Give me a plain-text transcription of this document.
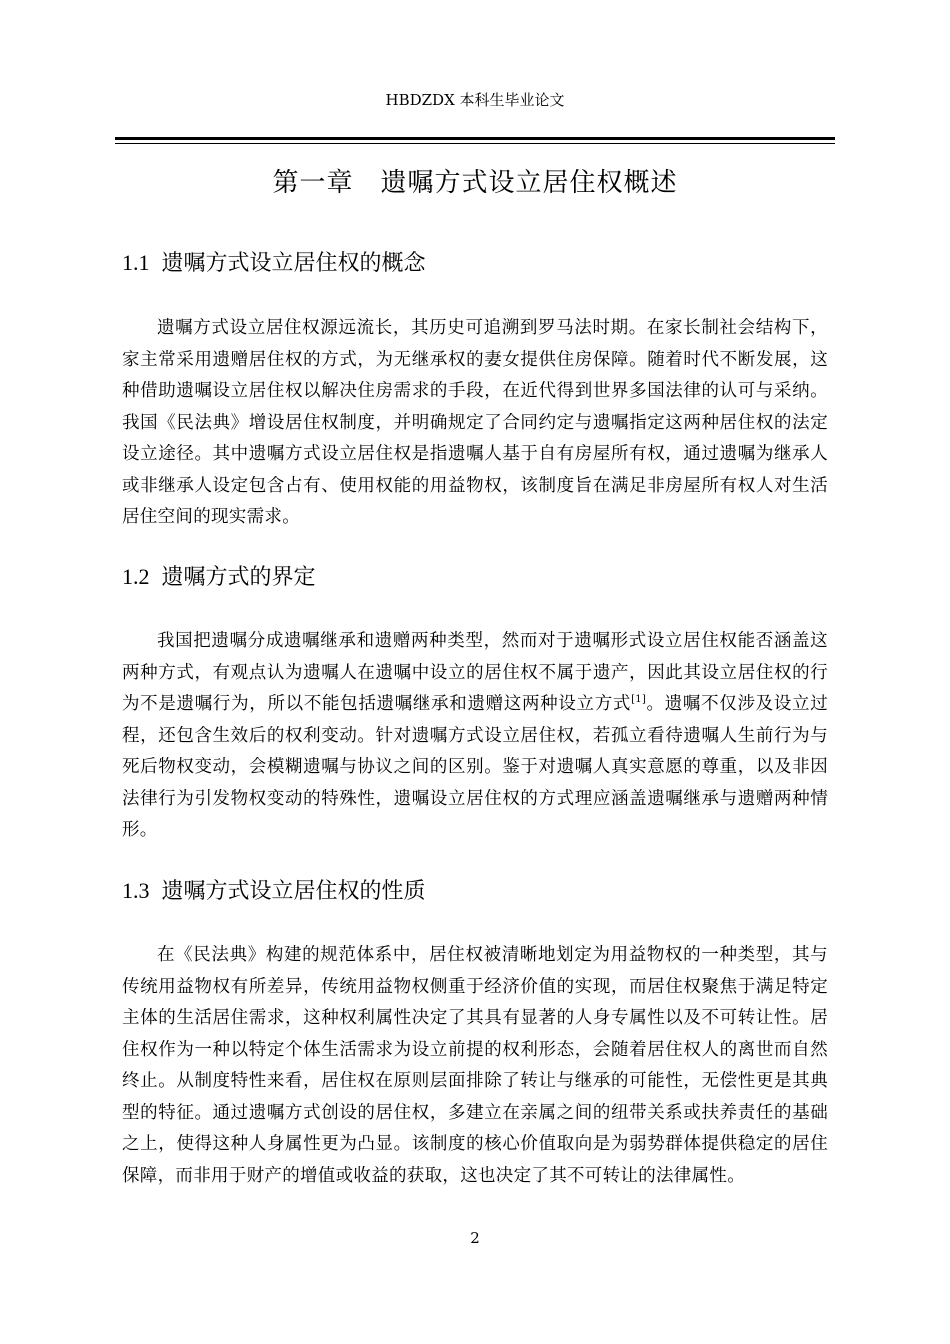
HBDZDX 本科生毕业论文
第一章　遗嘱方式设立居住权概述
1.1 遗嘱方式设立居住权的概念
遗嘱方式设立居住权源远流长，其历史可追溯到罗马法时期。在家长制社会结构下，家主常采用遗赠居住权的方式，为无继承权的妻女提供住房保障。随着时代不断发展，这种借助遗嘱设立居住权以解决住房需求的手段，在近代得到世界多国法律的认可与采纳。我国《民法典》增设居住权制度，并明确规定了合同约定与遗嘱指定这两种居住权的法定设立途径。其中遗嘱方式设立居住权是指遗嘱人基于自有房屋所有权，通过遗嘱为继承人或非继承人设定包含占有、使用权能的用益物权，该制度旨在满足非房屋所有权人对生活居住空间的现实需求。
1.2 遗嘱方式的界定
我国把遗嘱分成遗嘱继承和遗赠两种类型，然而对于遗嘱形式设立居住权能否涵盖这两种方式，有观点认为遗嘱人在遗嘱中设立的居住权不属于遗产，因此其设立居住权的行为不是遗嘱行为，所以不能包括遗嘱继承和遗赠这两种设立方式[1]。遗嘱不仅涉及设立过程，还包含生效后的权利变动。针对遗嘱方式设立居住权，若孤立看待遗嘱人生前行为与死后物权变动，会模糊遗嘱与协议之间的区别。鉴于对遗嘱人真实意愿的尊重，以及非因法律行为引发物权变动的特殊性，遗嘱设立居住权的方式理应涵盖遗嘱继承与遗赠两种情形。
1.3 遗嘱方式设立居住权的性质
在《民法典》构建的规范体系中，居住权被清晰地划定为用益物权的一种类型，其与传统用益物权有所差异，传统用益物权侧重于经济价值的实现，而居住权聚焦于满足特定主体的生活居住需求，这种权利属性决定了其具有显著的人身专属性以及不可转让性。居住权作为一种以特定个体生活需求为设立前提的权利形态，会随着居住权人的离世而自然终止。从制度特性来看，居住权在原则层面排除了转让与继承的可能性，无偿性更是其典型的特征。通过遗嘱方式创设的居住权，多建立在亲属之间的纽带关系或扶养责任的基础之上，使得这种人身属性更为凸显。该制度的核心价值取向是为弱势群体提供稳定的居住保障，而非用于财产的增值或收益的获取，这也决定了其不可转让的法律属性。
2
